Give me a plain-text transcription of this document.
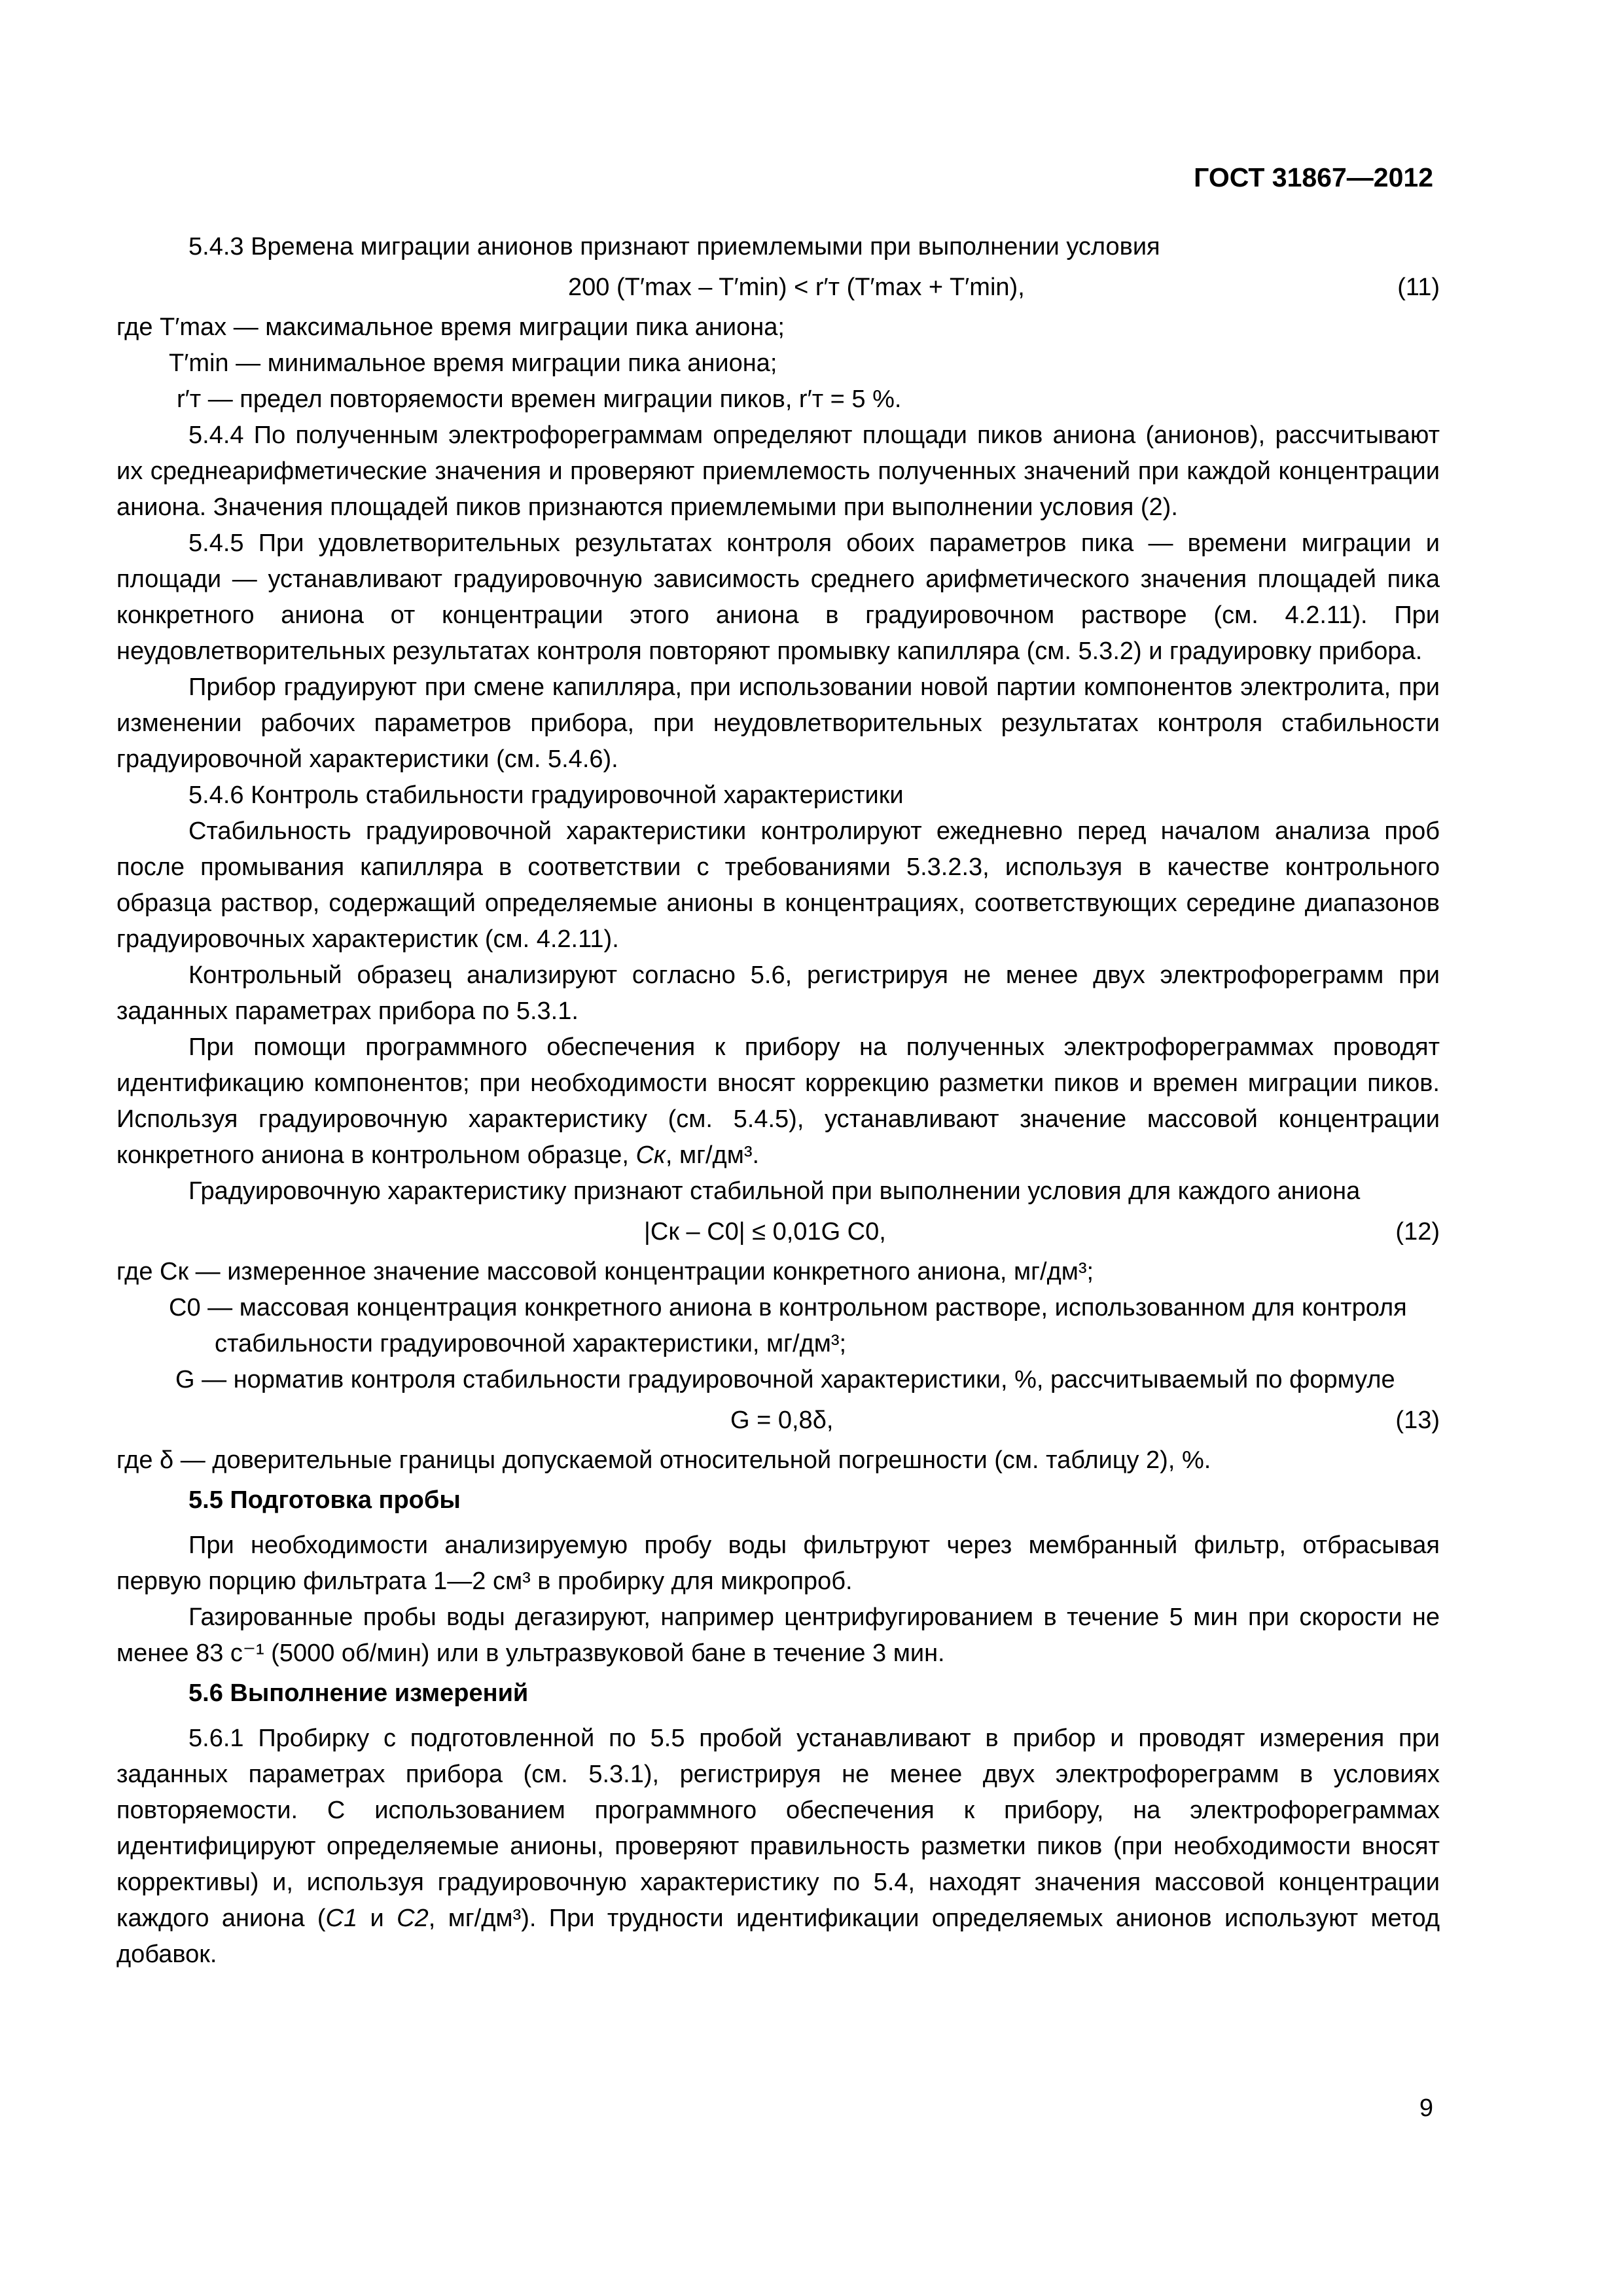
ГОСТ 31867—2012

5.4.3 Времена миграции анионов признают приемлемыми при выполнении условия

200 (T′max – T′min) < r′т (T′max + T′min),	(11)
где T′max — максимальное время миграции пика аниона;
T′min — минимальное время миграции пика аниона;
r′т — предел повторяемости времен миграции пиков, r′т = 5 %.

5.4.4 По полученным электрофореграммам определяют площади пиков аниона (анионов), рассчитывают их среднеарифметические значения и проверяют приемлемость полученных значений при каждой концентрации аниона. Значения площадей пиков признаются приемлемыми при выполнении условия (2).

5.4.5 При удовлетворительных результатах контроля обоих параметров пика — времени миграции и площади — устанавливают градуировочную зависимость среднего арифметического значения площадей пика конкретного аниона от концентрации этого аниона в градуировочном растворе (см. 4.2.11). При неудовлетворительных результатах контроля повторяют промывку капилляра (см. 5.3.2) и градуировку прибора.

Прибор градуируют при смене капилляра, при использовании новой партии компонентов электролита, при изменении рабочих параметров прибора, при неудовлетворительных результатах контроля стабильности градуировочной характеристики (см. 5.4.6).

5.4.6 Контроль стабильности градуировочной характеристики

Стабильность градуировочной характеристики контролируют ежедневно перед началом анализа проб после промывания капилляра в соответствии с требованиями 5.3.2.3, используя в качестве контрольного образца раствор, содержащий определяемые анионы в концентрациях, соответствующих середине диапазонов градуировочных характеристик (см. 4.2.11).

Контрольный образец анализируют согласно 5.6, регистрируя не менее двух электрофореграмм при заданных параметрах прибора по 5.3.1.

При помощи программного обеспечения к прибору на полученных электрофореграммах проводят идентификацию компонентов; при необходимости вносят коррекцию разметки пиков и времен миграции пиков. Используя градуировочную характеристику (см. 5.4.5), устанавливают значение массовой концентрации конкретного аниона в контрольном образце, Cк, мг/дм³.

Градуировочную характеристику признают стабильной при выполнении условия для каждого аниона

|Cк – C0| ≤ 0,01G C0,	(12)
где Cк — измеренное значение массовой концентрации конкретного аниона, мг/дм³;
C0 — массовая концентрация конкретного аниона в контрольном растворе, использованном для контроля стабильности градуировочной характеристики, мг/дм³;
G — норматив контроля стабильности градуировочной характеристики, %, рассчитываемый по формуле
G = 0,8δ,	(13)

где δ — доверительные границы допускаемой относительной погрешности (см. таблицу 2), %.

5.5 Подготовка пробы

При необходимости анализируемую пробу воды фильтруют через мембранный фильтр, отбрасывая первую порцию фильтрата 1—2 см³ в пробирку для микропроб.

Газированные пробы воды дегазируют, например центрифугированием в течение 5 мин при скорости не менее 83 с⁻¹ (5000 об/мин) или в ультразвуковой бане в течение 3 мин.

5.6 Выполнение измерений

5.6.1 Пробирку с подготовленной по 5.5 пробой устанавливают в прибор и проводят измерения при заданных параметрах прибора (см. 5.3.1), регистрируя не менее двух электрофореграмм в условиях повторяемости. С использованием программного обеспечения к прибору, на электрофореграммах идентифицируют определяемые анионы, проверяют правильность разметки пиков (при необходимости вносят коррективы) и, используя градуировочную характеристику по 5.4, находят значения массовой концентрации каждого аниона (C1 и C2, мг/дм³). При трудности идентификации определяемых анионов используют метод добавок.

9
